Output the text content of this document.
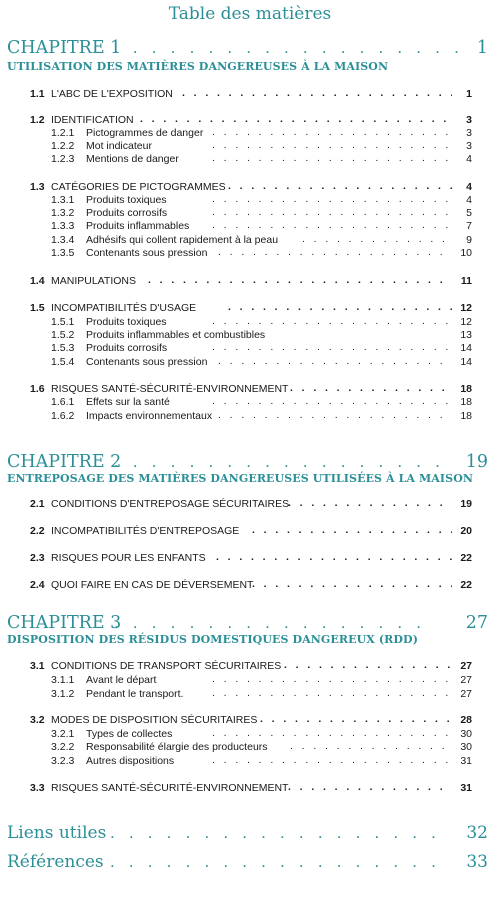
Table des matières
CHAPITRE 1 . .	1
UTILISATION DES MATIÈRES DANGEREUSES À LA MAISON
1.1 L'ABC DE L'EXPOSITION . .	1
1.2 IDENTIFICATION . .	3
1.2.1 Pictogrammes de danger . .	3
1.2.2 Mot indicateur . .	3
1.2.3 Mentions de danger . .	4
1.3 CATÉGORIES DE PICTOGRAMMES . .	4
1.3.1 Produits toxiques . .	4
1.3.2 Produits corrosifs . .	5
1.3.3 Produits inflammables . .	7
1.3.4 Adhésifs qui collent rapidement à la peau . .	9
1.3.5 Contenants sous pression . .	10
1.4 MANIPULATIONS . .	11
1.5 INCOMPATIBILITÉS D'USAGE . .	12
1.5.1 Produits toxiques . .	12
1.5.2 Produits inflammables et combustibles	13
1.5.3 Produits corrosifs . .	14
1.5.4 Contenants sous pression . .	14
1.6 RISQUES SANTÉ-SÉCURITÉ-ENVIRONNEMENT . .	18
1.6.1 Effets sur la santé . .	18
1.6.2 Impacts environnementaux . .	18
CHAPITRE 2 . .	19
ENTREPOSAGE DES MATIÈRES DANGEREUSES UTILISÉES À LA MAISON
2.1 CONDITIONS D'ENTREPOSAGE SÉCURITAIRES . .	19
2.2 INCOMPATIBILITÉS D'ENTREPOSAGE . .	20
2.3 RISQUES POUR LES ENFANTS . .	22
2.4 QUOI FAIRE EN CAS DE DÉVERSEMENT . .	22
CHAPITRE 3 . .	27
DISPOSITION DES RÉSIDUS DOMESTIQUES DANGEREUX (RDD)
3.1 CONDITIONS DE TRANSPORT SÉCURITAIRES . .	27
3.1.1 Avant le départ . .	27
3.1.2 Pendant le transport. . .	27
3.2 MODES DE DISPOSITION SÉCURITAIRES . .	28
3.2.1 Types de collectes . .	30
3.2.2 Responsabilité élargie des producteurs . .	30
3.2.3 Autres dispositions . .	31
3.3 RISQUES SANTÉ-SÉCURITÉ-ENVIRONNEMENT . .	31
Liens utiles . .	32
Références . .	33
